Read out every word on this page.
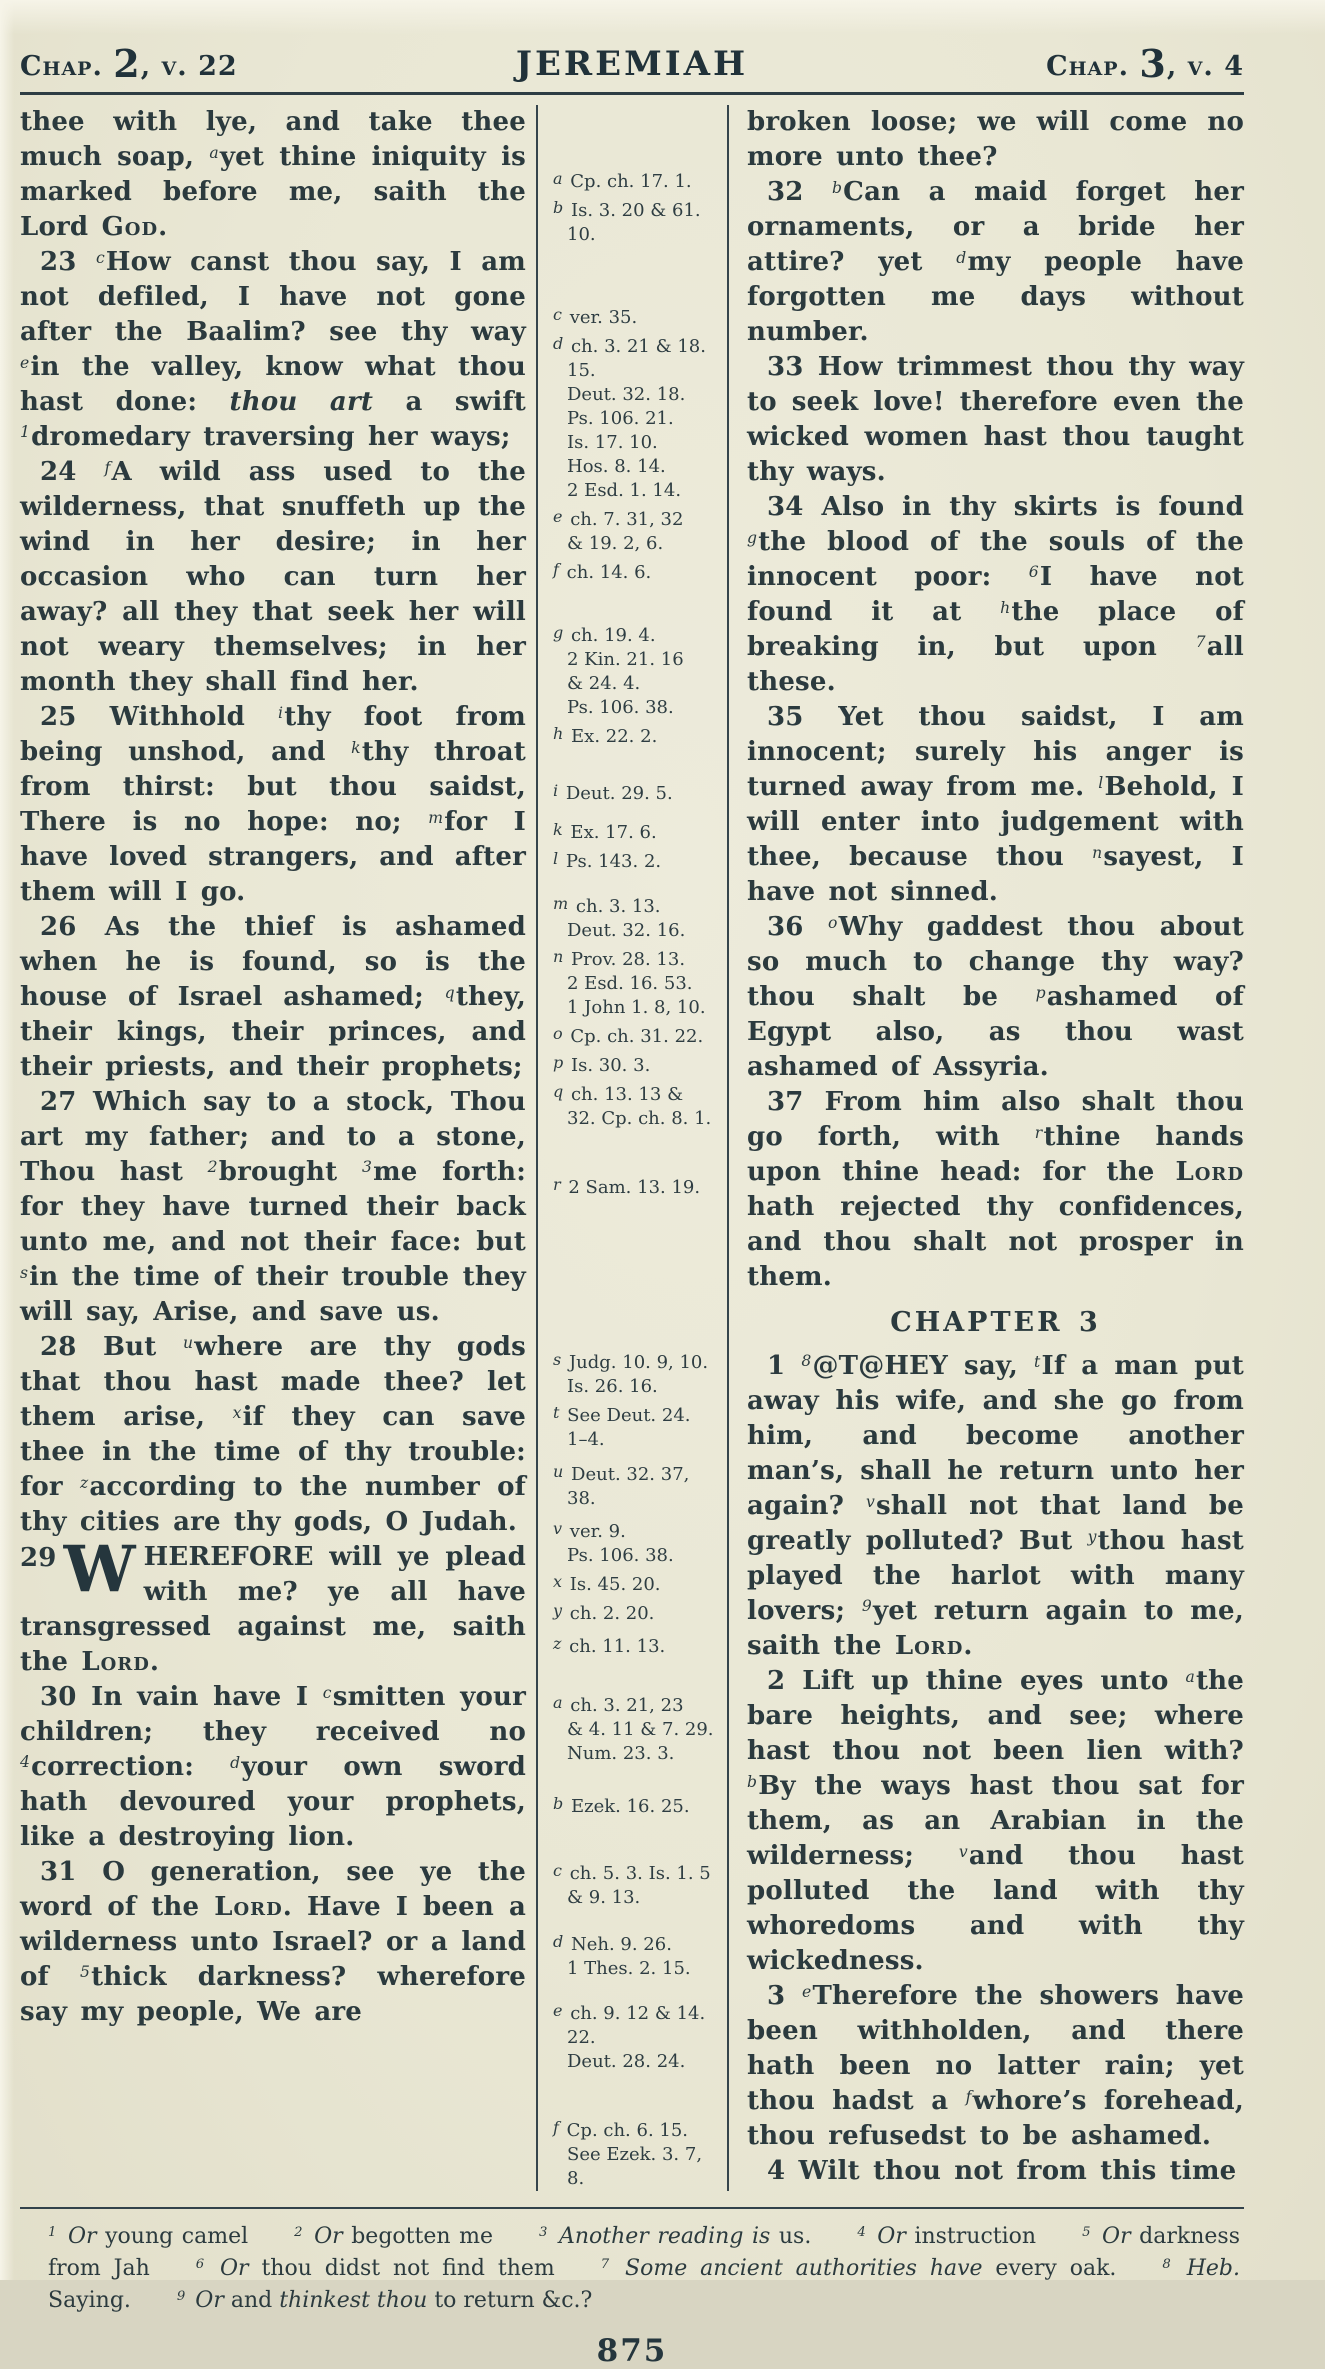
Chap. 2, v. 22	JEREMIAH	Chap. 3, v. 4

thee with lye, and take thee much soap, $^a$yet thine iniquity is marked before me, saith the Lord God.

23 $^c$How canst thou say, I am not defiled, I have not gone after the Baalim? see thy way $^e$in the valley, know what thou hast done: thou art a swift $^1$dromedary traversing her ways;

24 $^f$A wild ass used to the wilderness, that snuffeth up the wind in her desire; in her occasion who can turn her away? all they that seek her will not weary themselves; in her month they shall find her.

25 Withhold $^i$thy foot from being unshod, and $^k$thy throat from thirst: but thou saidst, There is no hope: no; $^m$for I have loved strangers, and after them will I go.

26 As the thief is ashamed when he is found, so is the house of Israel ashamed; $^q$they, their kings, their princes, and their priests, and their prophets;

27 Which say to a stock, Thou art my father; and to a stone, Thou hast $^2$brought $^3$me forth: for they have turned their back unto me, and not their face: but $^s$in the time of their trouble they will say, Arise, and save us.

28 But $^u$where are thy gods that thou hast made thee? let them arise, $^x$if they can save thee in the time of thy trouble: for $^z$according to the number of thy cities are thy gods, O Judah.

29 W HEREFORE will ye plead with me? ye all have transgressed against me, saith the Lord.

30 In vain have I $^c$smitten your children; they received no $^4$correction: $^d$your own sword hath devoured your prophets, like a destroying lion.

31 O generation, see ye the word of the Lord. Have I been a wilderness unto Israel? or a land of $^5$thick darkness? wherefore say my people, We are

a Cp. ch. 17. 1.
b Is. 3. 20 & 61. 10.
c ver. 35.
d ch. 3. 21 & 18. 15.
Deut. 32. 18.
Ps. 106. 21.
Is. 17. 10.
Hos. 8. 14.
2 Esd. 1. 14.
e ch. 7. 31, 32
& 19. 2, 6.
f ch. 14. 6.
g ch. 19. 4.
2 Kin. 21. 16
& 24. 4.
Ps. 106. 38.
h Ex. 22. 2.
i Deut. 29. 5.
k Ex. 17. 6.
l Ps. 143. 2.
m ch. 3. 13.
Deut. 32. 16.
n Prov. 28. 13.
2 Esd. 16. 53.
1 John 1. 8, 10.
o Cp. ch. 31. 22.
p Is. 30. 3.
q ch. 13. 13 &
32. Cp. ch. 8. 1.
r 2 Sam. 13. 19.
s Judg. 10. 9, 10.
Is. 26. 16.
t See Deut. 24.
1–4.
u Deut. 32. 37, 38.
v ver. 9.
Ps. 106. 38.
x Is. 45. 20.
y ch. 2. 20.
z ch. 11. 13.
a ch. 3. 21, 23
& 4. 11 & 7. 29.
Num. 23. 3.
b Ezek. 16. 25.
c ch. 5. 3. Is. 1. 5
& 9. 13.
d Neh. 9. 26.
1 Thes. 2. 15.
e ch. 9. 12 & 14. 22.
Deut. 28. 24.
f Cp. ch. 6. 15.
See Ezek. 3. 7, 8.

broken loose; we will come no more unto thee?

32 $^b$Can a maid forget her ornaments, or a bride her attire? yet $^d$my people have forgotten me days without number.

33 How trimmest thou thy way to seek love! therefore even the wicked women hast thou taught thy ways.

34 Also in thy skirts is found $^g$the blood of the souls of the innocent poor: $^6$I have not found it at $^h$the place of breaking in, but upon $^7$all these.

35 Yet thou saidst, I am innocent; surely his anger is turned away from me. $^l$Behold, I will enter into judgement with thee, because thou $^n$sayest, I have not sinned.

36 $^o$Why gaddest thou about so much to change thy way? thou shalt be $^p$ashamed of Egypt also, as thou wast ashamed of Assyria.

37 From him also shalt thou go forth, with $^r$thine hands upon thine head: for the Lord hath rejected thy confidences, and thou shalt not prosper in them.

CHAPTER 3

1 $^8$@T@HEY say, $^t$If a man put away his wife, and she go from him, and become another man’s, shall he return unto her again? $^v$shall not that land be greatly polluted? But $^y$thou hast played the harlot with many lovers; $^9$yet return again to me, saith the Lord.

2 Lift up thine eyes unto $^a$the bare heights, and see; where hast thou not been lien with? $^b$By the ways hast thou sat for them, as an Arabian in the wilderness; $^v$and thou hast polluted the land with thy whoredoms and with thy wickedness.

3 $^e$Therefore the showers have been withholden, and there hath been no latter rain; yet thou hadst a $^f$whore’s forehead, thou refusedst to be ashamed.

4 Wilt thou not from this time

$^1$ Or young camel	$^2$ Or begotten me	$^3$ Another reading is us.	$^4$ Or instruction	$^5$ Or darkness from Jah	$^6$ Or thou didst not find them	$^7$ Some ancient authorities have every oak.	$^8$ Heb. Saying.	$^9$ Or and thinkest thou to return &c.?
875
